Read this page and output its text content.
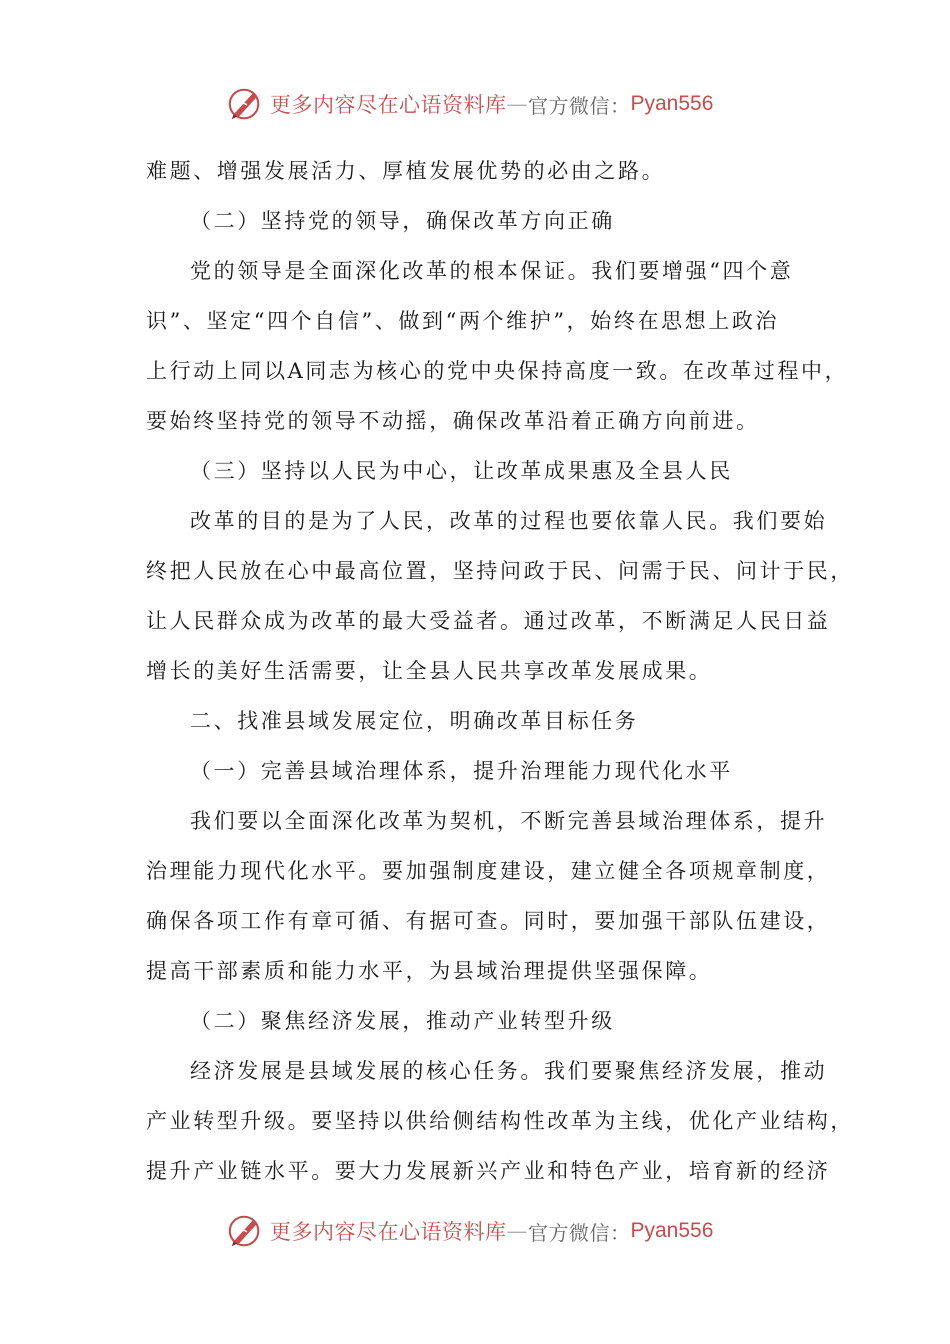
更多内容尽在心语资料库 — 官方微信： Pyan556
难题、增强发展活力、厚植发展优势的必由之路。
（二）坚持党的领导，确保改革方向正确
党的领导是全面深化改革的根本保证。我们要增强“四个意
识”、坚定“四个自信”、做到“两个维护”，始终在思想上政治
上行动上同以A同志为核心的党中央保持高度一致。在改革过程中，
要始终坚持党的领导不动摇，确保改革沿着正确方向前进。
（三）坚持以人民为中心，让改革成果惠及全县人民
改革的目的是为了人民，改革的过程也要依靠人民。我们要始
终把人民放在心中最高位置，坚持问政于民、问需于民、问计于民，
让人民群众成为改革的最大受益者。通过改革，不断满足人民日益
增长的美好生活需要，让全县人民共享改革发展成果。
二、找准县域发展定位，明确改革目标任务
（一）完善县域治理体系，提升治理能力现代化水平
我们要以全面深化改革为契机，不断完善县域治理体系，提升
治理能力现代化水平。要加强制度建设，建立健全各项规章制度，
确保各项工作有章可循、有据可查。同时，要加强干部队伍建设，
提高干部素质和能力水平，为县域治理提供坚强保障。
（二）聚焦经济发展，推动产业转型升级
经济发展是县域发展的核心任务。我们要聚焦经济发展，推动
产业转型升级。要坚持以供给侧结构性改革为主线，优化产业结构，
提升产业链水平。要大力发展新兴产业和特色产业，培育新的经济
更多内容尽在心语资料库 — 官方微信： Pyan556
